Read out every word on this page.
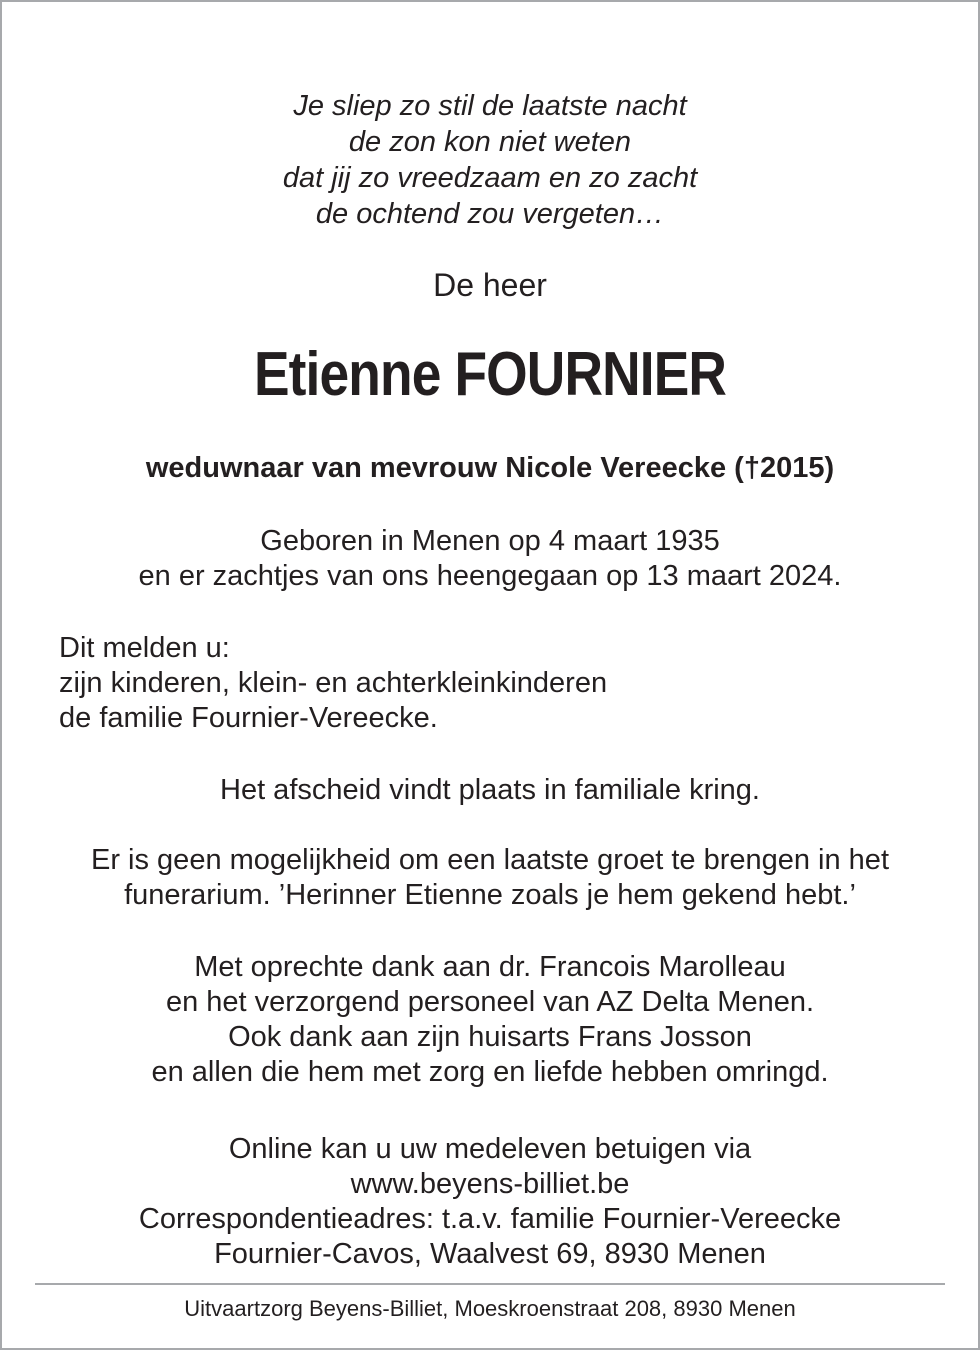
Je sliep zo stil de laatste nacht
de zon kon niet weten
dat jij zo vreedzaam en zo zacht
de ochtend zou vergeten…
De heer
Etienne FOURNIER
weduwnaar van mevrouw Nicole Vereecke (†2015)
Geboren in Menen op 4 maart 1935
en er zachtjes van ons heengegaan op 13 maart 2024.
Dit melden u:
zijn kinderen, klein- en achterkleinkinderen
de familie Fournier-Vereecke.
Het afscheid vindt plaats in familiale kring.
Er is geen mogelijkheid om een laatste groet te brengen in het
funerarium. ’Herinner Etienne zoals je hem gekend hebt.’
Met oprechte dank aan dr. Francois Marolleau
en het verzorgend personeel van AZ Delta Menen.
Ook dank aan zijn huisarts Frans Josson
en allen die hem met zorg en liefde hebben omringd.
Online kan u uw medeleven betuigen via
www.beyens-billiet.be
Correspondentieadres: t.a.v. familie Fournier-Vereecke
Fournier-Cavos, Waalvest 69, 8930 Menen
Uitvaartzorg Beyens-Billiet, Moeskroenstraat 208, 8930 Menen
